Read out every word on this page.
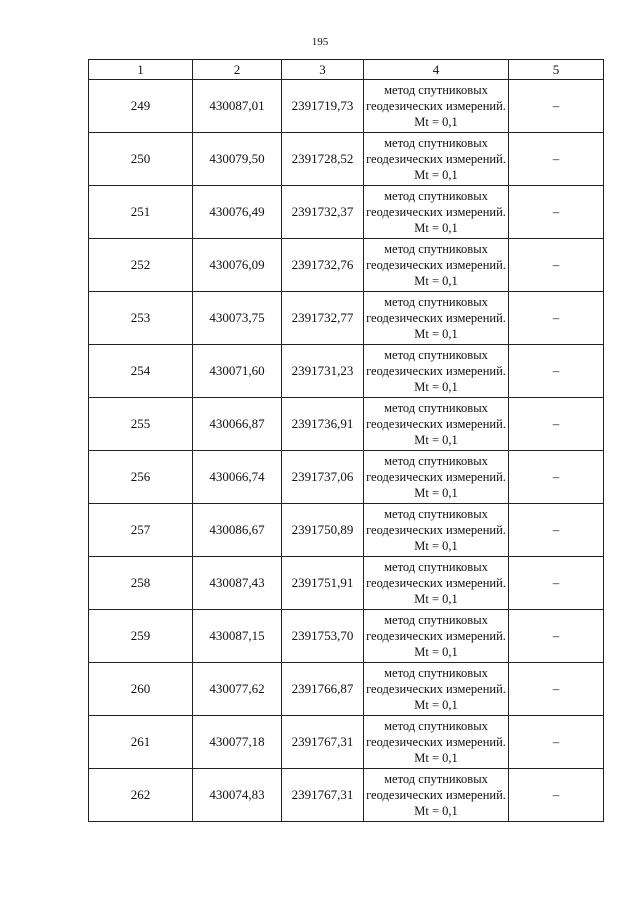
195
1	2	3	4	5
249	430087,01	2391719,73	метод спутниковых геодезических измерений. Mt = 0,1	–
250	430079,50	2391728,52	метод спутниковых геодезических измерений. Mt = 0,1	–
251	430076,49	2391732,37	метод спутниковых геодезических измерений. Mt = 0,1	–
252	430076,09	2391732,76	метод спутниковых геодезических измерений. Mt = 0,1	–
253	430073,75	2391732,77	метод спутниковых геодезических измерений. Mt = 0,1	–
254	430071,60	2391731,23	метод спутниковых геодезических измерений. Mt = 0,1	–
255	430066,87	2391736,91	метод спутниковых геодезических измерений. Mt = 0,1	–
256	430066,74	2391737,06	метод спутниковых геодезических измерений. Mt = 0,1	–
257	430086,67	2391750,89	метод спутниковых геодезических измерений. Mt = 0,1	–
258	430087,43	2391751,91	метод спутниковых геодезических измерений. Mt = 0,1	–
259	430087,15	2391753,70	метод спутниковых геодезических измерений. Mt = 0,1	–
260	430077,62	2391766,87	метод спутниковых геодезических измерений. Mt = 0,1	–
261	430077,18	2391767,31	метод спутниковых геодезических измерений. Mt = 0,1	–
262	430074,83	2391767,31	метод спутниковых геодезических измерений. Mt = 0,1	–
